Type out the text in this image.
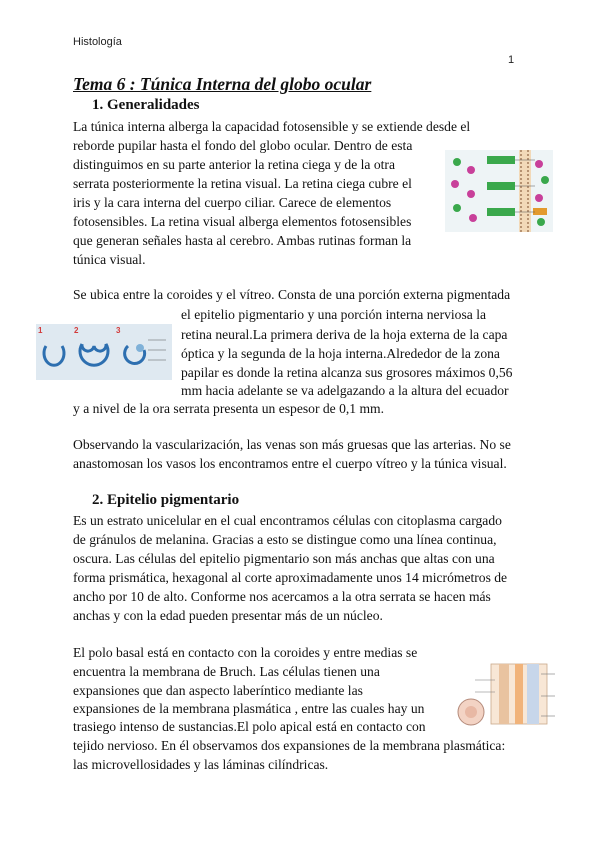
Histología
1
Tema 6 : Túnica Interna del globo ocular
1. Generalidades
La túnica interna alberga la capacidad fotosensible y se extiende desde el
reborde pupilar hasta el fondo del globo ocular. Dentro de esta
distinguimos en su parte anterior la retina ciega y de la otra
serrata posteriormente la retina visual. La retina ciega cubre el
iris y la cara interna del cuerpo ciliar. Carece de elementos
fotosensibles. La retina visual alberga elementos fotosensibles
que generan señales hasta al cerebro. Ambas rutinas forman la
túnica visual.
Se ubica entre la coroides y el vítreo. Consta de una porción externa pigmentada
el epitelio pigmentario y una porción interna nerviosa la
retina neural.La primera deriva de la hoja externa de la capa
óptica y la segunda de la hoja interna.Alrededor de la zona
papilar es donde la retina alcanza sus grosores máximos 0,56
mm hacia adelante se va adelgazando a la altura del ecuador
y a nivel de la ora serrata presenta un espesor de 0,1 mm.
1	2	3
Observando la vascularización, las venas son más gruesas que las arterias. No se
anastomosan los vasos los encontramos entre el cuerpo vítreo y la túnica visual.
2. Epitelio pigmentario
Es un estrato unicelular en el cual encontramos células con citoplasma cargado
de gránulos de melanina. Gracias a esto se distingue como una línea continua,
oscura. Las células del epitelio pigmentario son más anchas que altas con una
forma prismática, hexagonal al corte aproximadamente unos 14 micrómetros de
ancho por 10 de alto. Conforme nos acercamos a la otra serrata se hacen más
anchas y con la edad pueden presentar más de un núcleo.
El polo basal está en contacto con la coroides y entre medias se
encuentra la membrana de Bruch. Las células tienen una
expansiones que dan aspecto laberíntico mediante las
expansiones de la membrana plasmática , entre las cuales hay un
trasiego intenso de sustancias.El polo apical está en contacto con
tejido nervioso. En él observamos dos expansiones de la membrana plasmática:
las microvellosidades y las láminas cilíndricas.
